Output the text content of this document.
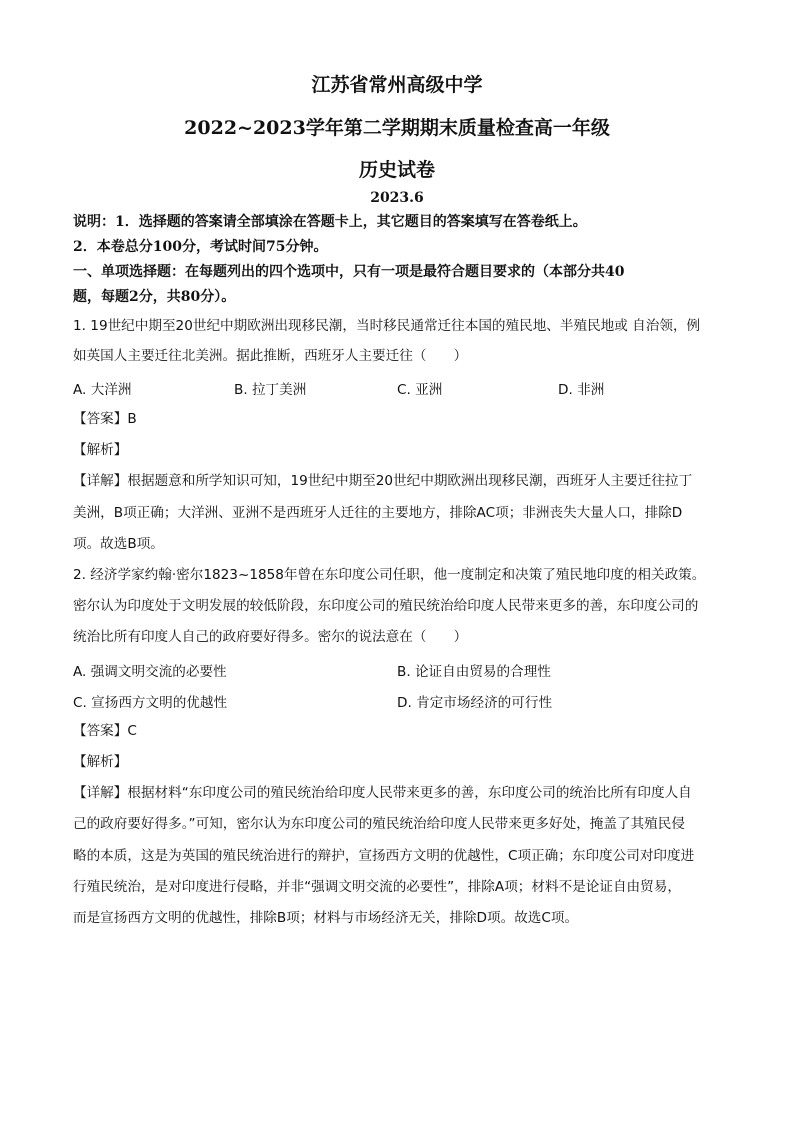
江苏省常州高级中学
2022~2023学年第二学期期末质量检查高一年级
历史试卷
2023.6
说明：1．选择题的答案请全部填涂在答题卡上，其它题目的答案填写在答卷纸上。
2．本卷总分100分，考试时间75分钟。
一、单项选择题：在每题列出的四个选项中，只有一项是最符合题目要求的（本部分共40
题，每题2分，共80分）。
1. 19世纪中期至20世纪中期欧洲出现移民潮，当时移民通常迁往本国的殖民地、半殖民地或 自治领，例
如英国人主要迁往北美洲。据此推断，西班牙人主要迁往（　　）
A. 大洋洲	B. 拉丁美洲	C. 亚洲	D. 非洲
【答案】B
【解析】
【详解】根据题意和所学知识可知，19世纪中期至20世纪中期欧洲出现移民潮，西班牙人主要迁往拉丁
美洲，B项正确；大洋洲、亚洲不是西班牙人迁往的主要地方，排除AC项；非洲丧失大量人口，排除D
项。故选B项。
2. 经济学家约翰·密尔1823~1858年曾在东印度公司任职，他一度制定和决策了殖民地印度的相关政策。
密尔认为印度处于文明发展的较低阶段，东印度公司的殖民统治给印度人民带来更多的善，东印度公司的
统治比所有印度人自己的政府要好得多。密尔的说法意在（　　）
A. 强调文明交流的必要性	B. 论证自由贸易的合理性
C. 宣扬西方文明的优越性	D. 肯定市场经济的可行性
【答案】C
【解析】
【详解】根据材料“东印度公司的殖民统治给印度人民带来更多的善，东印度公司的统治比所有印度人自
己的政府要好得多。”可知，密尔认为东印度公司的殖民统治给印度人民带来更多好处，掩盖了其殖民侵
略的本质，这是为英国的殖民统治进行的辩护，宣扬西方文明的优越性，C项正确；东印度公司对印度进
行殖民统治，是对印度进行侵略，并非“强调文明交流的必要性”，排除A项；材料不是论证自由贸易，
而是宣扬西方文明的优越性，排除B项；材料与市场经济无关，排除D项。故选C项。
